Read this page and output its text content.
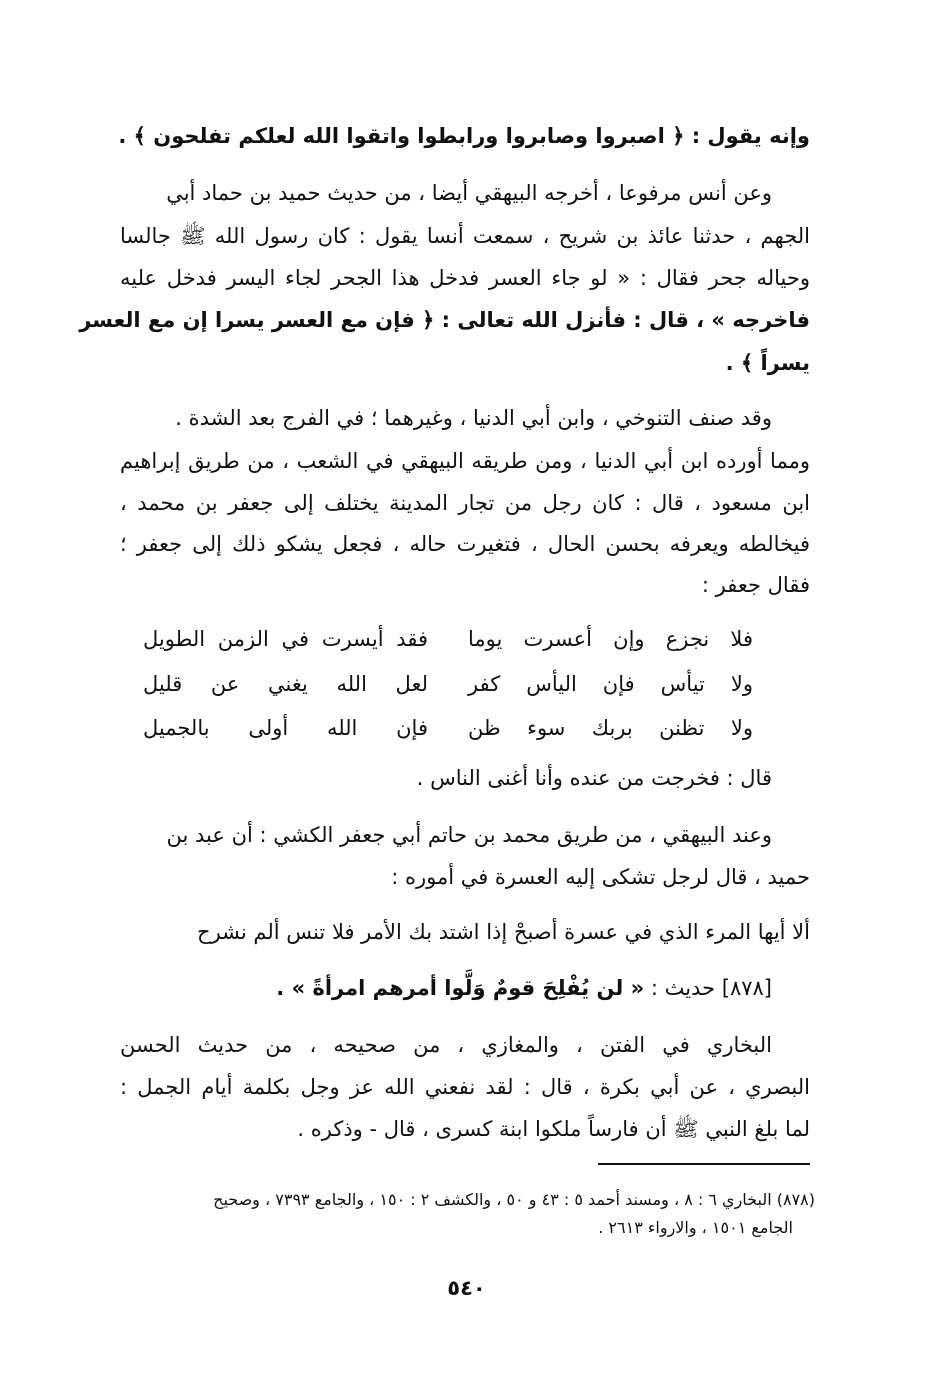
وإنه يقول : ﴿ اصبروا وصابروا ورابطوا واتقوا الله لعلكم تفلحون ﴾ .
وعن أنس مرفوعا ، أخرجه البيهقي أيضا ، من حديث حميد بن حماد أبي
الجهم ، حدثنا عائذ بن شريح ، سمعت أنسا يقول : كان رسول الله ﷺ جالسا
وحياله جحر فقال : « لو جاء العسر فدخل هذا الجحر لجاء اليسر فدخل عليه
فاخرجه » ، قال : فأنزل الله تعالى : ﴿ فإن مع العسر يسرا إن مع العسر
يسراً ﴾ .
وقد صنف التنوخي ، وابن أبي الدنيا ، وغيرهما ؛ في الفرج بعد الشدة .
ومما أورده ابن أبي الدنيا ، ومن طريقه البيهقي في الشعب ، من طريق إبراهيم
ابن مسعود ، قال : كان رجل من تجار المدينة يختلف إلى جعفر بن محمد ،
فيخالطه ويعرفه بحسن الحال ، فتغيرت حاله ، فجعل يشكو ذلك إلى جعفر ؛
فقال جعفر :
فلا نجزع وإن أعسرت يوما
فقد أيسرت في الزمن الطويل
ولا تيأس فإن اليأس كفر
لعل الله يغني عن قليل
ولا تظنن بربك سوء ظن
فإن الله أولى بالجميل
قال : فخرجت من عنده وأنا أغنى الناس .
وعند البيهقي ، من طريق محمد بن حاتم أبي جعفر الكشي : أن عبد بن
حميد ، قال لرجل تشكى إليه العسرة في أموره :
ألا أيها المرء الذي في عسرة أصبحْ إذا اشتد بك الأمر فلا تنس ألم نشرح
[٨٧٨] حديث : « لن يُفْلِحَ قومٌ وَلَّوا أمرهم امرأةً » .
البخاري في الفتن ، والمغازي ، من صحيحه ، من حديث الحسن
البصري ، عن أبي بكرة ، قال : لقد نفعني الله عز وجل بكلمة أيام الجمل :
لما بلغ النبي ﷺ أن فارساً ملكوا ابنة كسرى ، قال - وذكره .
(٨٧٨) البخاري ٦ : ٨ ، ومسند أحمد ٥ : ٤٣ و ٥٠ ، والكشف ٢ : ١٥٠ ، والجامع ٧٣٩٣ ، وصحيح
الجامع ١٥٠١ ، والارواء ٢٦١٣ .
٥٤٠
